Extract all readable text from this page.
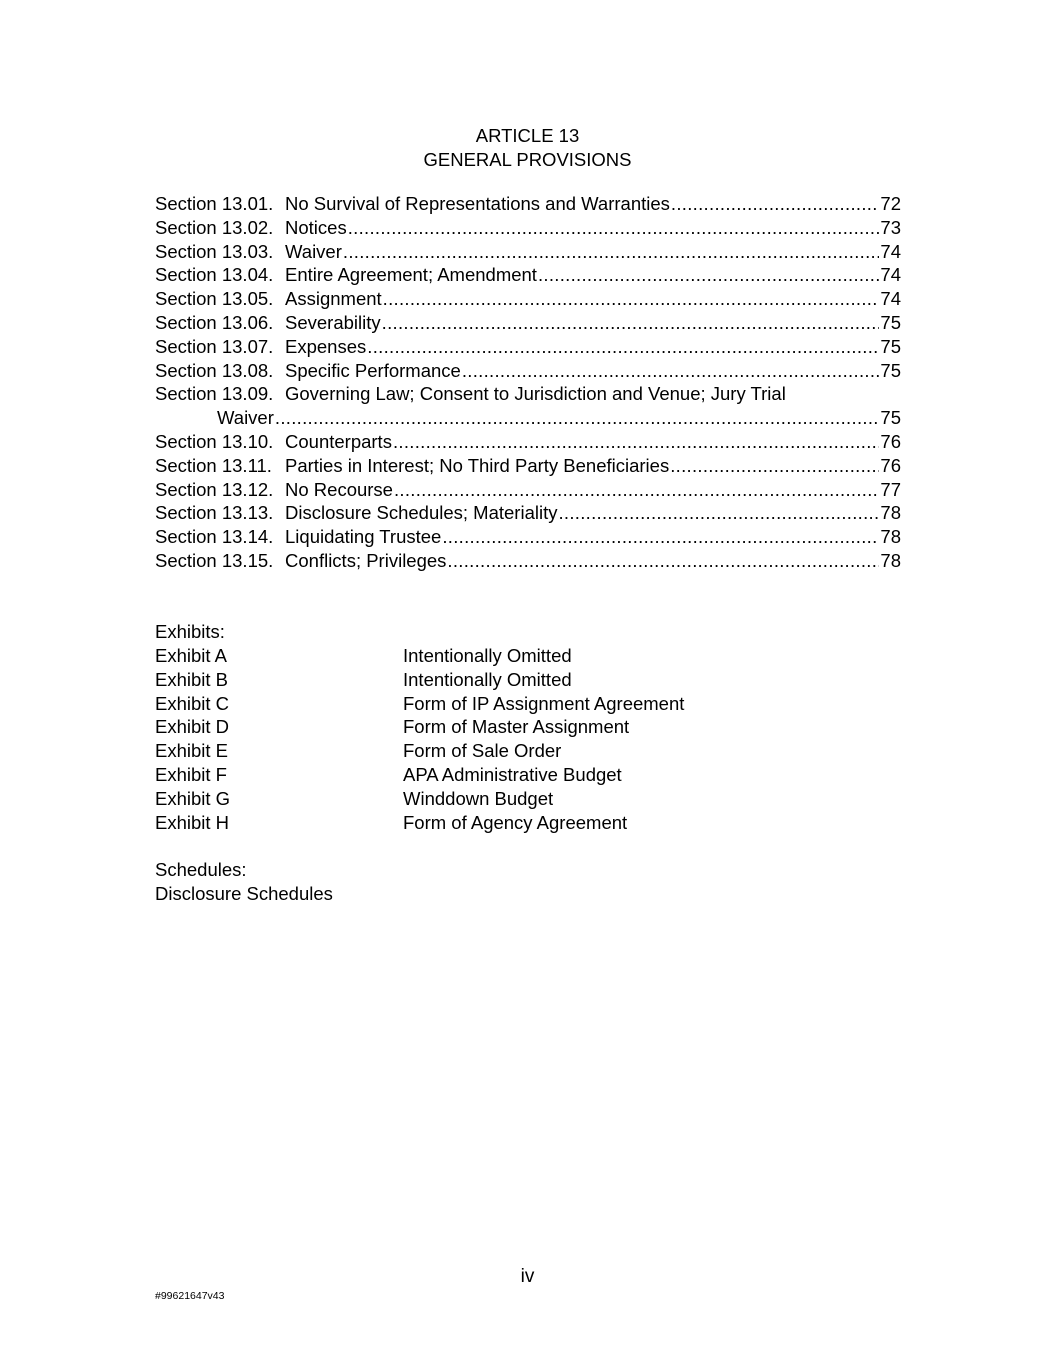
ARTICLE 13
GENERAL PROVISIONS
Section 13.01. No Survival of Representations and Warranties .....	72
Section 13.02. Notices .....	73
Section 13.03. Waiver .....	74
Section 13.04. Entire Agreement; Amendment .....	74
Section 13.05. Assignment .....	74
Section 13.06. Severability .....	75
Section 13.07. Expenses .....	75
Section 13.08. Specific Performance .....	75
Section 13.09. Governing Law; Consent to Jurisdiction and Venue; Jury Trial
Waiver .....	75
Section 13.10. Counterparts .....	76
Section 13.11. Parties in Interest; No Third Party Beneficiaries .....	76
Section 13.12. No Recourse .....	77
Section 13.13. Disclosure Schedules; Materiality .....	78
Section 13.14. Liquidating Trustee .....	78
Section 13.15. Conflicts; Privileges .....	78
Exhibits:
Exhibit A	Intentionally Omitted
Exhibit B	Intentionally Omitted
Exhibit C	Form of IP Assignment Agreement
Exhibit D	Form of Master Assignment
Exhibit E	Form of Sale Order
Exhibit F	APA Administrative Budget
Exhibit G	Winddown Budget
Exhibit H	Form of Agency Agreement
Schedules:
Disclosure Schedules
iv
#99621647v43
